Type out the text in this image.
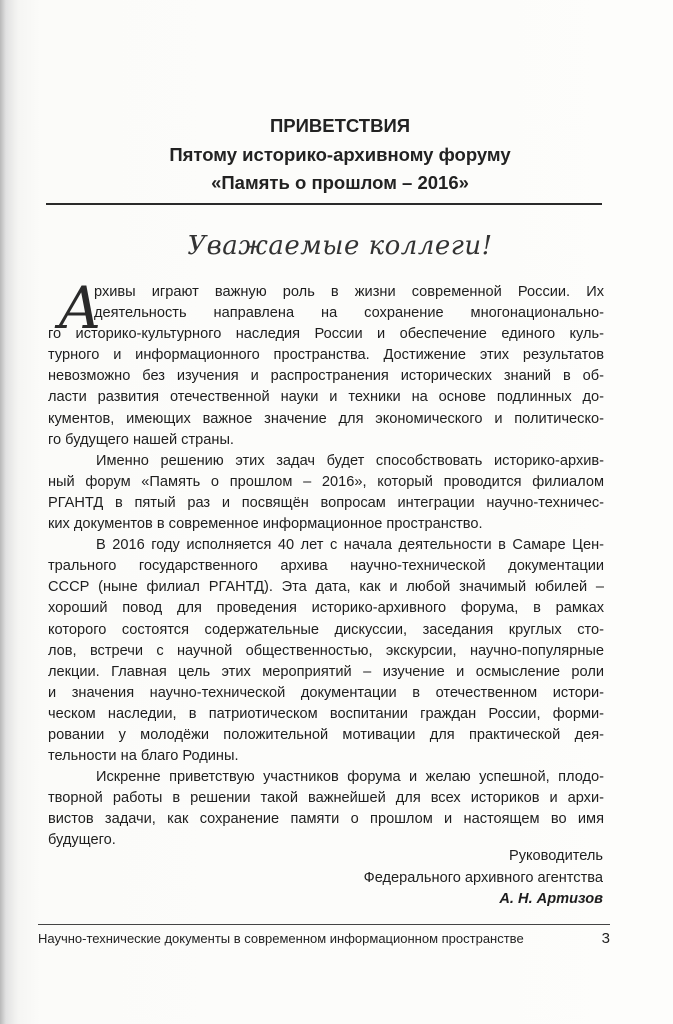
ПРИВЕТСТВИЯ
Пятому историко-архивному форуму
«Память о прошлом – 2016»
Уважаемые коллеги!
А
рхивы играют важную роль в жизни современной России. Их
деятельность направлена на сохранение многонационально-
го историко-культурного наследия России и обеспечение единого куль-
турного и информационного пространства. Достижение этих результатов
невозможно без изучения и распространения исторических знаний в об-
ласти развития отечественной науки и техники на основе подлинных до-
кументов, имеющих важное значение для экономического и политическо-
го будущего нашей страны.
Именно решению этих задач будет способствовать историко-архив-
ный форум «Память о прошлом – 2016», который проводится филиалом
РГАНТД в пятый раз и посвящён вопросам интеграции научно-техничес-
ких документов в современное информационное пространство.
В 2016 году исполняется 40 лет с начала деятельности в Самаре Цен-
трального государственного архива научно-технической документации
СССР (ныне филиал РГАНТД). Эта дата, как и любой значимый юбилей –
хороший повод для проведения историко-архивного форума, в рамках
которого состоятся содержательные дискуссии, заседания круглых сто-
лов, встречи с научной общественностью, экскурсии, научно-популярные
лекции. Главная цель этих мероприятий – изучение и осмысление роли
и значения научно-технической документации в отечественном истори-
ческом наследии, в патриотическом воспитании граждан России, форми-
ровании у молодёжи положительной мотивации для практической дея-
тельности на благо Родины.
Искренне приветствую участников форума и желаю успешной, плодо-
творной работы в решении такой важнейшей для всех историков и архи-
вистов задачи, как сохранение памяти о прошлом и настоящем во имя
будущего.
Руководитель
Федерального архивного агентства
А. Н. Артизов
Научно-технические документы в современном информационном пространстве	3
